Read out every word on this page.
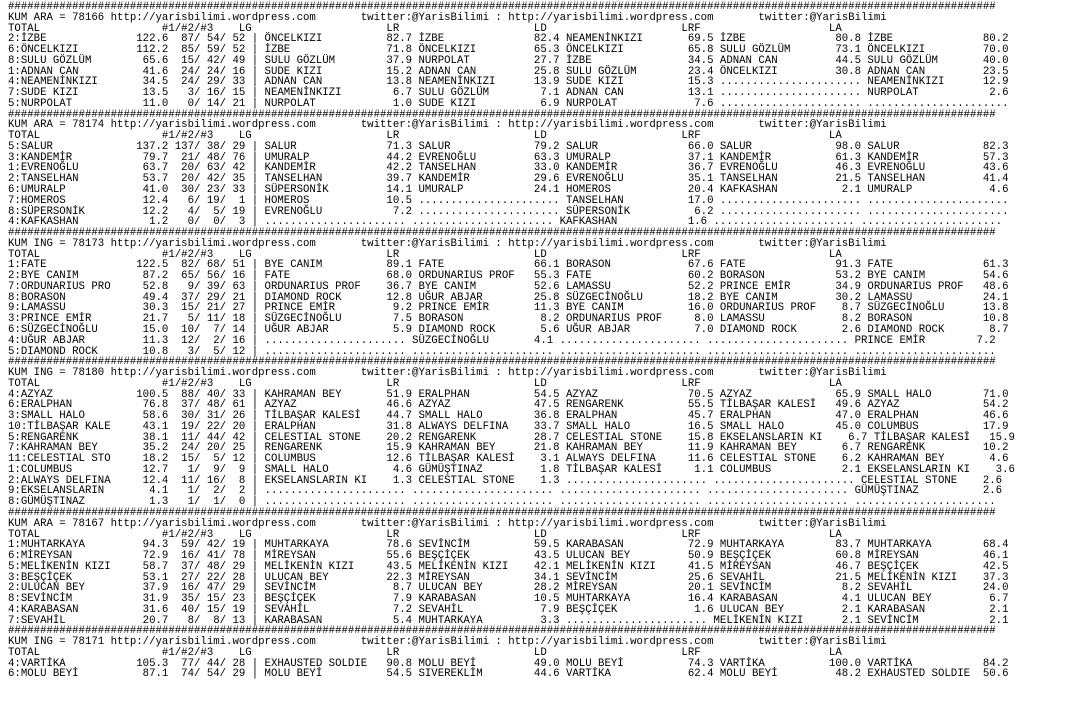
##########################################################################################################################################################
KUM ARA = 78166 http://yarisbilimi.wordpress.com       twitter:@YarisBilimi : http://yarisbilimi.wordpress.com       twitter:@YarisBilimi
TOTAL                   #1/#2/#3    LG                     LR                     LD                     LRF                    LA
2:İZBE              122.6  87/ 54/ 52 | ÖNCELKIZI          82.7 İZBE              82.4 NEAMENİNKIZI       69.5 İZBE              80.8 İZBE              80.2
6:ÖNCELKIZI         112.2  85/ 59/ 52 | İZBE               71.8 ÖNCELKIZI         65.3 ÖNCELKIZI          65.8 SULU GÖZLÜM       73.1 ÖNCELKIZI         70.0
8:SULU GÖZLÜM        65.6  15/ 42/ 49 | SULU GÖZLÜM        37.9 NURPOLAT          27.7 İZBE               34.5 ADNAN CAN         44.5 SULU GÖZLÜM       40.0
1:ADNAN CAN          41.6  24/ 24/ 16 | SUDE KIZI          15.2 ADNAN CAN         25.8 SULU GÖZLÜM        23.4 ÖNCELKIZI         30.8 ADNAN CAN         23.5
4:NEAMENİNKIZI       34.5  24/ 29/ 33 | ADNAN CAN          13.8 NEAMENİNKIZI      13.9 SUDE KIZI          15.3 ...................... NEAMENİNKIZI      12.9
7:SUDE KIZI          13.5   3/ 16/ 15 | NEAMENİNKIZI        6.7 SULU GÖZLÜM        7.1 ADNAN CAN          13.1 ...................... NURPOLAT           2.6
5:NURPOLAT           11.0   0/ 14/ 21 | NURPOLAT            1.0 SUDE KIZI          6.9 NURPOLAT            7.6 ...................... ......................
##########################################################################################################################################################
KUM ARA = 78174 http://yarisbilimi.wordpress.com       twitter:@YarisBilimi : http://yarisbilimi.wordpress.com       twitter:@YarisBilimi
TOTAL                   #1/#2/#3    LG                     LR                     LD                     LRF                    LA
5:SALUR             137.2 137/ 38/ 29 | SALUR              71.3 SALUR             79.2 SALUR              66.0 SALUR             98.0 SALUR             82.3
3:KANDEMİR           79.7  21/ 48/ 76 | UMURALP            44.2 EVRENOĞLU         63.3 UMURALP            37.1 KANDEMİR          61.3 KANDEMİR          57.3
1:EVRENOĞLU          63.7  20/ 63/ 42 | KANDEMİR           42.2 TANSELHAN         33.0 KANDEMİR           36.7 EVRENOĞLU         46.3 EVRENOĞLU         43.6
2:TANSELHAN          53.7  20/ 42/ 35 | TANSELHAN          39.7 KANDEMİR          29.6 EVRENOĞLU          35.1 TANSELHAN         21.5 TANSELHAN         41.4
6:UMURALP            41.0  30/ 23/ 33 | SÜPERSONİK         14.1 UMURALP           24.1 HOMEROS            20.4 KAFKASHAN          2.1 UMURALP            4.6
7:HOMEROS            12.4   6/ 19/  1 | HOMEROS            10.5 ...................... TANSELHAN          17.0 ...................... ......................
8:SÜPERSONİK         12.2   4/  5/ 19 | EVRENOĞLU           7.2 ...................... SÜPERSONİK          6.2 ...................... ......................
4:KAFKASHAN           1.2   0/  0/  3 | ...................... ...................... KAFKASHAN           1.6 ...................... ......................
##########################################################################################################################################################
KUM ING = 78173 http://yarisbilimi.wordpress.com       twitter:@YarisBilimi : http://yarisbilimi.wordpress.com       twitter:@YarisBilimi
TOTAL                   #1/#2/#3    LG                     LR                     LD                     LRF                    LA
1:FATE              122.5  82/ 68/ 51 | BYE CANIM          89.1 FATE              66.1 BORASON            67.6 FATE              91.3 FATE              61.3
2:BYE CANIM          87.2  65/ 56/ 16 | FATE               68.0 ORDUNARIUS PROF   55.3 FATE               60.2 BORASON           53.2 BYE CANIM         54.6
7:ORDUNARIUS PRO     52.8   9/ 39/ 63 | ORDUNARIUS PROF    36.7 BYE CANIM         52.6 LAMASSU            52.2 PRINCE EMİR       34.9 ORDUNARIUS PROF   48.6
8:BORASON            49.4  37/ 29/ 21 | DIAMOND ROCK       12.8 UĞUR ABJAR        25.8 SÜZGECİNOĞLU       18.2 BYE CANIM         30.2 LAMASSU           24.1
9:LAMASSU            30.3  15/ 21/ 27 | PRINCE EMİR         9.2 PRINCE EMİR       11.3 BYE CANIM          16.0 ORDUNARIUS PROF    8.7 SÜZGECİNOĞLU      13.8
3:PRINCE EMİR        21.7   5/ 11/ 18 | SÜZGECİNOĞLU        7.5 BORASON            8.2 ORDUNARIUS PROF     8.0 LAMASSU            8.2 BORASON           10.8
6:SÜZGECİNOĞLU       15.0  10/  7/ 14 | UĞUR ABJAR          5.9 DIAMOND ROCK       5.6 UĞUR ABJAR          7.0 DIAMOND ROCK       2.6 DIAMOND ROCK       8.7
4:UĞUR ABJAR         11.3  12/  2/ 16 | ...................... SÜZGECİNOĞLU       4.1 ...................... ...................... PRINCE EMİR        7.2
5:DIAMOND ROCK       10.8   3/  5/ 12 | ...................... ...................... ...................... ...................... ......................
##########################################################################################################################################################
KUM ING = 78180 http://yarisbilimi.wordpress.com       twitter:@YarisBilimi : http://yarisbilimi.wordpress.com       twitter:@YarisBilimi
TOTAL                   #1/#2/#3    LG                     LR                     LD                     LRF                    LA
4:AZYAZ             100.5  88/ 40/ 33 | KAHRAMAN BEY       51.9 ERALPHAN          54.5 AZYAZ              70.5 AZYAZ             65.9 SMALL HALO        71.0
6:ERALPHAN           76.8  37/ 48/ 61 | AZYAZ              46.6 AZYAZ             47.5 RENGARENK          55.5 TİLBAŞAR KALESİ   49.6 AZYAZ             54.2
3:SMALL HALO         58.6  30/ 31/ 26 | TİLBAŞAR KALESİ    44.7 SMALL HALO        36.8 ERALPHAN           45.7 ERALPHAN          47.0 ERALPHAN          46.6
10:TİLBAŞAR KALE     43.1  19/ 22/ 20 | ERALPHAN           31.8 ALWAYS DELFINA    33.7 SMALL HALO         16.5 SMALL HALO        45.0 COLUMBUS          17.9
5:RENGARENK          38.1  11/ 44/ 42 | CELESTIAL STONE    20.2 RENGARENK         28.7 CELESTIAL STONE    15.8 EKSELANSLARIN KI    6.7 TİLBAŞAR KALESİ   15.9
7:KAHRAMAN BEY       35.2  24/ 20/ 25 | RENGARENK          15.9 KAHRAMAN BEY      21.8 KAHRAMAN BEY       11.9 KAHRAMAN BEY       6.7 RENGARENK         10.2
11:CELESTIAL STO     18.2  15/  5/ 12 | COLUMBUS           12.6 TİLBAŞAR KALESİ    3.1 ALWAYS DELFINA     11.6 CELESTIAL STONE    6.2 KAHRAMAN BEY       4.6
1:COLUMBUS           12.7   1/  9/  9 | SMALL HALO          4.6 GÜMÜŞTINAZ         1.8 TİLBAŞAR KALESİ     1.1 COLUMBUS           2.1 EKSELANSLARIN KI    3.6
2:ALWAYS DELFINA     12.4  11/ 16/  8 | EKSELANSLARIN KI    1.3 CELESTIAL STONE    1.3 ...................... ...................... CELESTIAL STONE    2.6
9:EKSELANSLARIN       4.1   1/  2/  2 | ...................... ...................... ...................... ...................... GÜMÜŞTINAZ          2.6
8:GÜMÜŞTINAZ          1.3   1/  1/  0 | ...................... ...................... ...................... ...................... ......................
##########################################################################################################################################################
KUM ARA = 78167 http://yarisbilimi.wordpress.com       twitter:@YarisBilimi : http://yarisbilimi.wordpress.com       twitter:@YarisBilimi
TOTAL                   #1/#2/#3    LG                     LR                     LD                     LRF                    LA
1:MUHTARKAYA         94.3  59/ 42/ 19 | MUHTARKAYA         78.6 SEVİNCİM          59.5 KARABASAN          72.9 MUHTARKAYA        83.7 MUHTARKAYA        68.4
6:MİREYSAN           72.9  16/ 41/ 78 | MİREYSAN           55.6 BEŞÇİÇEK          43.5 ULUCAN BEY         50.9 BEŞÇİÇEK          60.8 MİREYSAN          46.1
5:MELİKENİN KIZI     58.7  37/ 48/ 29 | MELİKENİN KIZI     43.5 MELİKENİN KIZI    42.1 MELİKENİN KIZI     41.5 MİREYSAN          46.7 BEŞÇİÇEK          42.5
3:BEŞÇİÇEK           53.1  27/ 22/ 28 | ULUCAN BEY         22.3 MİREYSAN          34.1 SEVİNCİM           25.6 SEVAHİL           21.5 MELİKENİN KIZI    37.3
2:ULUCAN BEY         37.9  16/ 47/ 29 | SEVİNCİM            8.7 ULUCAN BEY        28.2 MİREYSAN           20.1 SEVİNCİM           8.2 SEVAHİL           24.0
8:SEVİNCİM           31.9  35/ 15/ 23 | BEŞÇİÇEK            7.9 KARABASAN         10.5 MUHTARKAYA         16.4 KARABASAN          4.1 ULUCAN BEY         6.7
4:KARABASAN          31.6  40/ 15/ 19 | SEVAHİL             7.2 SEVAHİL            7.9 BEŞÇİÇEK            1.6 ULUCAN BEY         2.1 KARABASAN          2.1
7:SEVAHİL            20.7   8/  8/ 13 | KARABASAN           5.4 MUHTARKAYA         3.3 ...................... MELİKENİN KIZI      2.1 SEVİNCİM           2.1
##########################################################################################################################################################
KUM ING = 78171 http://yarisbilimi.wordpress.com       twitter:@YarisBilimi : http://yarisbilimi.wordpress.com       twitter:@YarisBilimi
TOTAL                   #1/#2/#3    LG                     LR                     LD                     LRF                    LA
4:VARTİKA           105.3  77/ 44/ 28 | EXHAUSTED SOLDIE   90.8 MOLU BEYİ         49.0 MOLU BEYİ          74.3 VARTİKA          100.0 VARTİKA           84.2
6:MOLU BEYİ          87.1  74/ 54/ 29 | MOLU BEYİ          54.5 SIVEREKLİM        44.6 VARTİKA            62.4 MOLU BEYİ         48.2 EXHAUSTED SOLDIE  50.6
